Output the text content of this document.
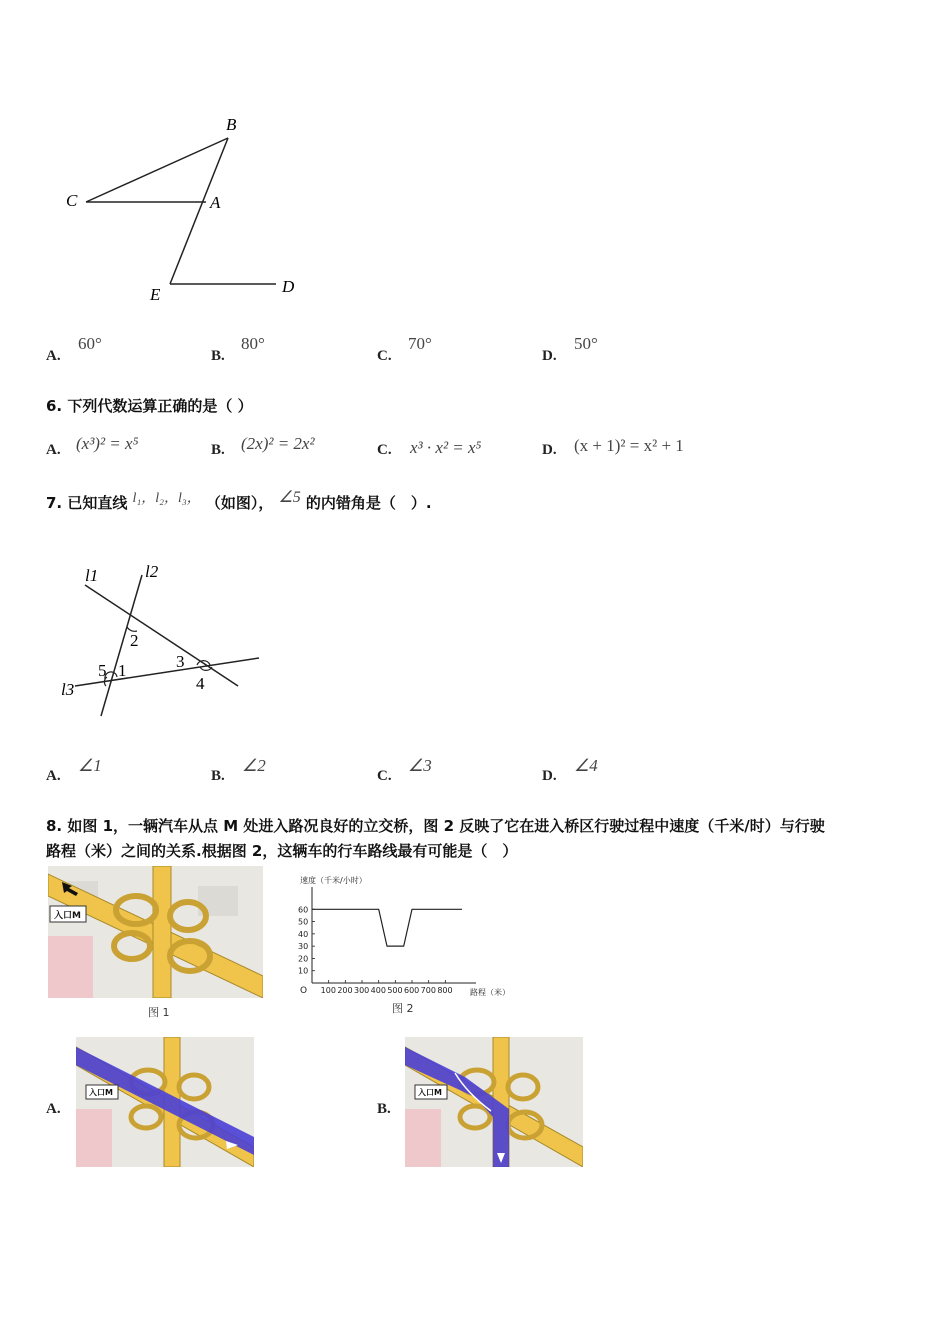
B
C	A
E	D
A.
60°
B.
80°
C.
70°
D.
50°
6. 下列代数运算正确的是（ ）
A. (x³)² = x⁵	B. (2x)² = 2x²	C. x³ · x² = x⁵	D. (x + 1)² = x² + 1
7. 已知直线 l₁，l₂，l₃， （如图）， ∠5 的内错角是（　）.
l1	l2
l3
2
5 1	3
4
A.
∠1
B.
∠2
C.
∠3
D.
∠4
8. 如图 1，一辆汽车从点 M 处进入路况良好的立交桥，图 2 反映了它在进入桥区行驶过程中速度（千米/时）与行驶
路程（米）之间的关系.根据图 2，这辆车的行车路线最有可能是（　）
入口M
图 1
O 100 200 300 400 500 600 700 800
10
20
30
40
50
60
速度（千米/小时）
路程（米）
图 2
A.
入口M
B.
入口M
